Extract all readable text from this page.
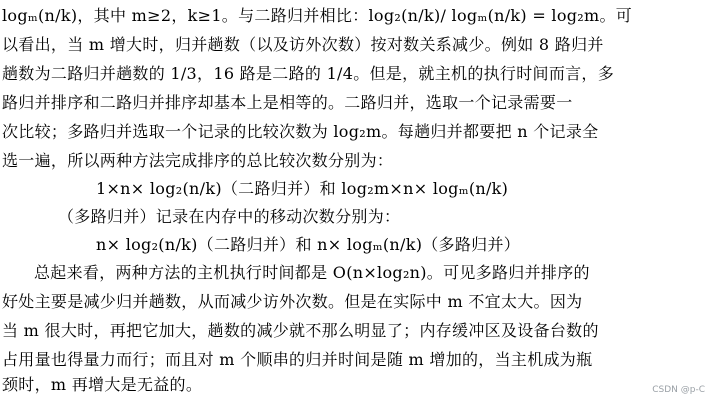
logₘ(n/k)，其中 m≥2，k≥1。与二路归并相比：log₂(n/k)/ logₘ(n/k) = log₂m。可
以看出，当 m 增大时，归并趟数（以及访外次数）按对数关系减少。例如 8 路归并
趟数为二路归并趟数的 1/3，16 路是二路的 1/4。但是，就主机的执行时间而言，多
路归并排序和二路归并排序却基本上是相等的。二路归并，选取一个记录需要一
次比较；多路归并选取一个记录的比较次数为 log₂m。每趟归并都要把 n 个记录全
选一遍，所以两种方法完成排序的总比较次数分别为：
1×n× log₂(n/k)（二路归并）和 log₂m×n× logₘ(n/k)
（多路归并）记录在内存中的移动次数分别为：
n× log₂(n/k)（二路归并）和 n× logₘ(n/k)（多路归并）
总起来看，两种方法的主机执行时间都是 O(n×log₂n)。可见多路归并排序的
好处主要是减少归并趟数，从而减少访外次数。但是在实际中 m 不宜太大。因为
当 m 很大时，再把它加大，趟数的减少就不那么明显了；内存缓冲区及设备台数的
占用量也得量力而行；而且对 m 个顺串的归并时间是随 m 增加的，当主机成为瓶
颈时，m 再增大是无益的。	CSDN @p-C
